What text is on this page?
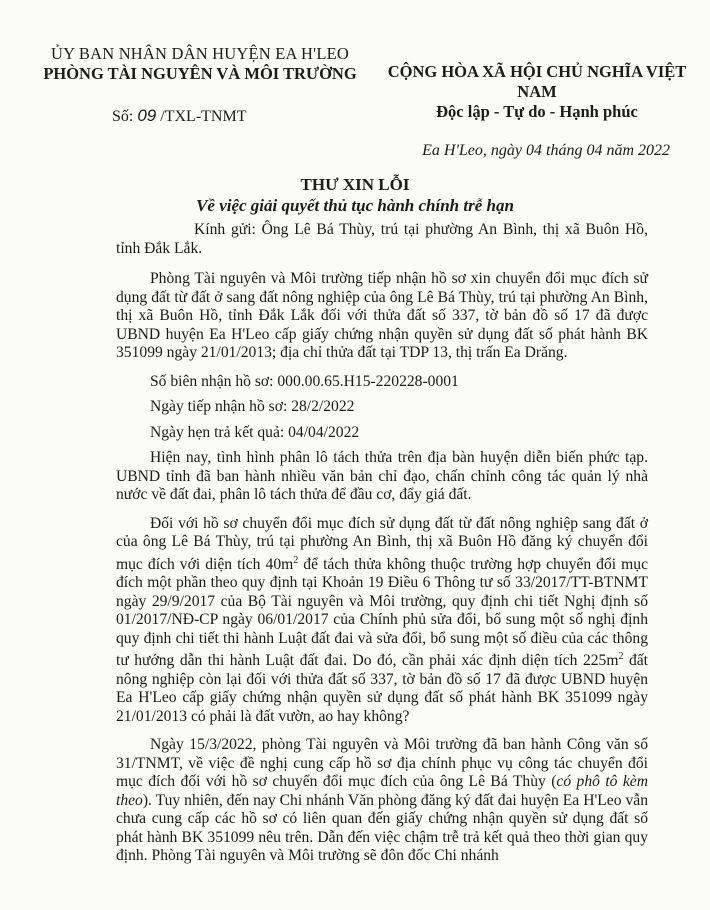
ỦY BAN NHÂN DÂN HUYỆN EA H'LEO
PHÒNG TÀI NGUYÊN VÀ MÔI TRƯỜNG
Số: 09 /TXL-TNMT
CỘNG HÒA XÃ HỘI CHỦ NGHĨA VIỆT NAM
Độc lập - Tự do - Hạnh phúc
Ea H'Leo, ngày 04 tháng 04 năm 2022
THƯ XIN LỖI
Về việc giải quyết thủ tục hành chính trễ hạn

Kính gửi: Ông Lê Bá Thùy, trú tại phường An Bình, thị xã Buôn Hồ, tỉnh Đắk Lắk.

Phòng Tài nguyên và Môi trường tiếp nhận hồ sơ xin chuyển đổi mục đích sử dụng đất từ đất ở sang đất nông nghiệp của ông Lê Bá Thùy, trú tại phường An Bình, thị xã Buôn Hồ, tỉnh Đắk Lắk đối với thửa đất số 337, tờ bản đồ số 17 đã được UBND huyện Ea H'Leo cấp giấy chứng nhận quyền sử dụng đất số phát hành BK 351099 ngày 21/01/2013; địa chỉ thửa đất tại TDP 13, thị trấn Ea Drăng.

Số biên nhận hồ sơ: 000.00.65.H15-220228-0001

Ngày tiếp nhận hồ sơ: 28/2/2022

Ngày hẹn trả kết quả: 04/04/2022

Hiện nay, tình hình phân lô tách thửa trên địa bàn huyện diễn biến phức tạp. UBND tỉnh đã ban hành nhiều văn bản chỉ đạo, chấn chỉnh công tác quản lý nhà nước về đất đai, phân lô tách thửa để đầu cơ, đẩy giá đất.

Đối với hồ sơ chuyển đổi mục đích sử dụng đất từ đất nông nghiệp sang đất ở của ông Lê Bá Thùy, trú tại phường An Bình, thị xã Buôn Hồ đăng ký chuyển đổi mục đích với diện tích $40m^2$ để tách thửa không thuộc trường hợp chuyển đổi mục đích một phần theo quy định tại Khoản 19 Điều 6 Thông tư số 33/2017/TT-BTNMT ngày 29/9/2017 của Bộ Tài nguyên và Môi trường, quy định chi tiết Nghị định số 01/2017/NĐ-CP ngày 06/01/2017 của Chính phủ sửa đổi, bổ sung một số nghị định quy định chi tiết thi hành Luật đất đai và sửa đổi, bổ sung một số điều của các thông tư hướng dẫn thi hành Luật đất đai. Do đó, cần phải xác định diện tích $225m^2$ đất nông nghiệp còn lại đối với thửa đất số 337, tờ bản đồ số 17 đã được UBND huyện Ea H'Leo cấp giấy chứng nhận quyền sử dụng đất số phát hành BK 351099 ngày 21/01/2013 có phải là đất vườn, ao hay không?

Ngày 15/3/2022, phòng Tài nguyên và Môi trường đã ban hành Công văn số 31/TNMT, về việc đề nghị cung cấp hồ sơ địa chính phục vụ công tác chuyển đổi mục đích đối với hồ sơ chuyển đổi mục đích của ông Lê Bá Thùy (có phô tô kèm theo). Tuy nhiên, đến nay Chi nhánh Văn phòng đăng ký đất đai huyện Ea H'Leo vẫn chưa cung cấp các hồ sơ có liên quan đến giấy chứng nhận quyền sử dụng đất số phát hành BK 351099 nêu trên. Dẫn đến việc chậm trễ trả kết quả theo thời gian quy định. Phòng Tài nguyên và Môi trường sẽ đôn đốc Chi nhánh
